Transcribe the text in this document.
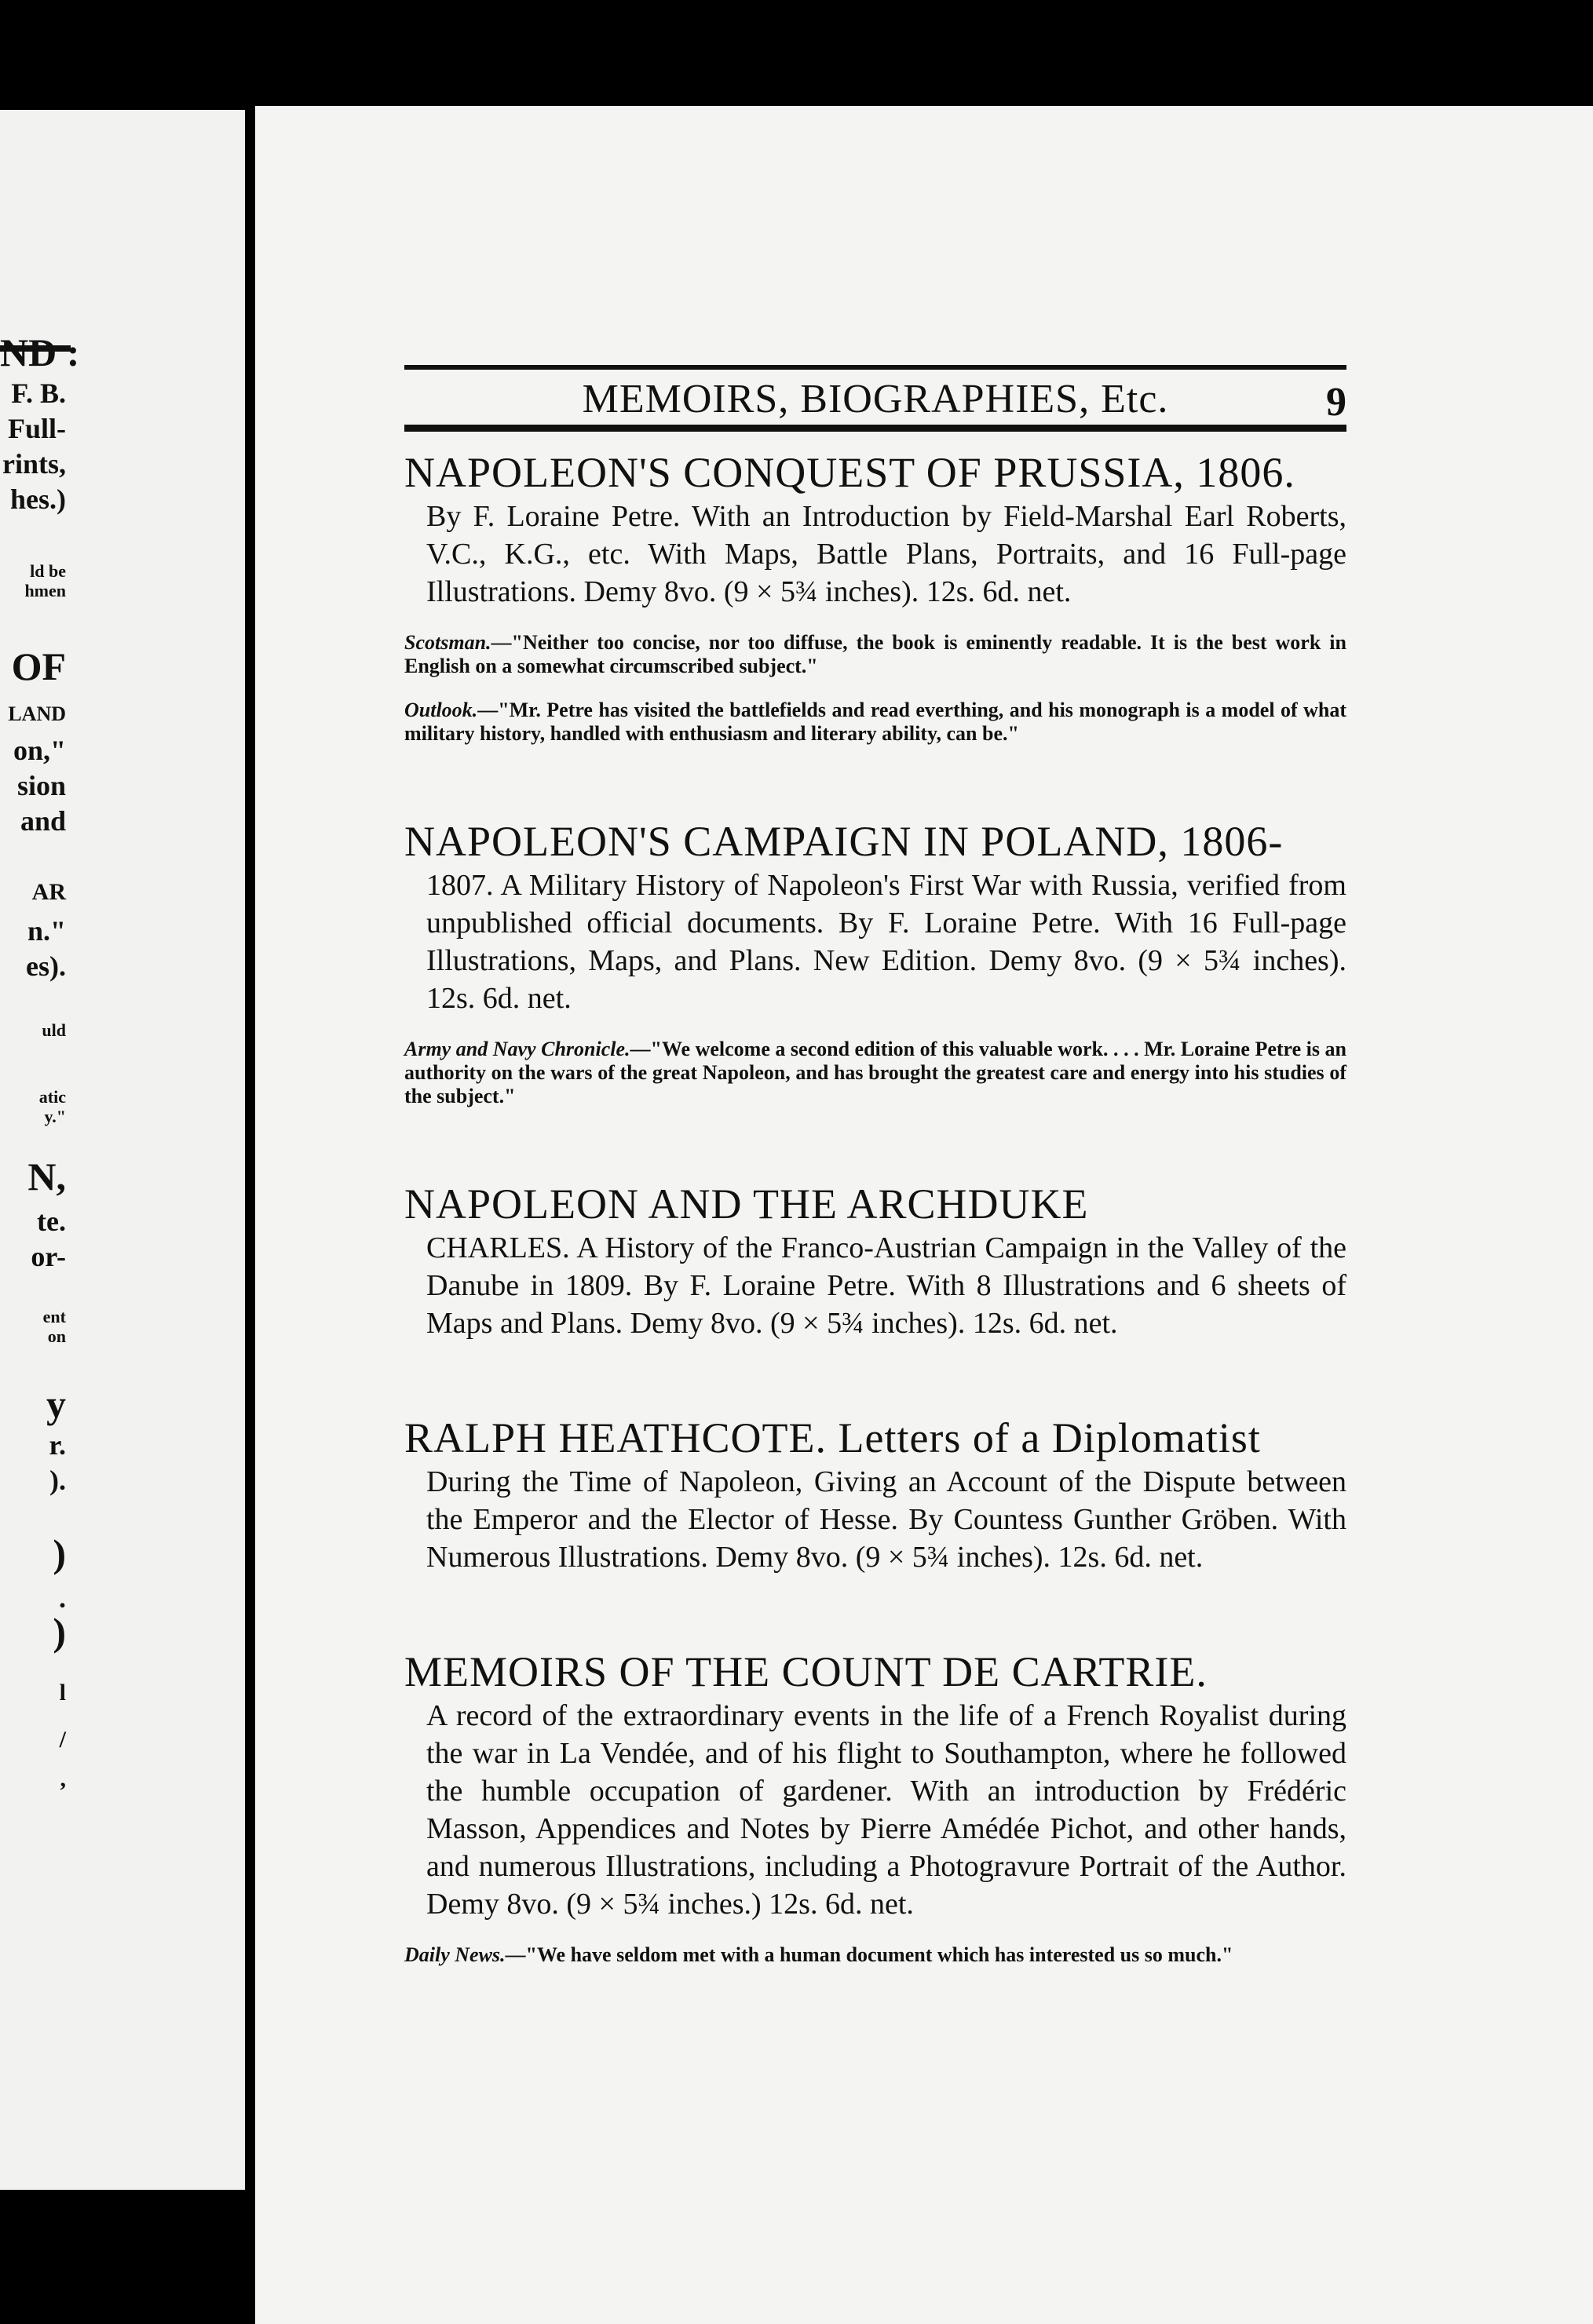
ND :
F. B.
Full-
rints,
hes.)
ld be
hmen
OF
LAND
on,"
sion
and
AR
n."
es).
uld
atic
y."
N,
te.
or-
ent
on
y
r.
).
)
.
)
l
/
,
MEMOIRS, BIOGRAPHIES, Etc.	9

NAPOLEON'S CONQUEST OF PRUSSIA, 1806.

By F. Loraine Petre. With an Introduction by Field-Marshal Earl Roberts, V.C., K.G., etc. With Maps, Battle Plans, Portraits, and 16 Full-page Illustrations. Demy 8vo. (9 × 5¾ inches). 12s. 6d. net.

Scotsman.—"Neither too concise, nor too diffuse, the book is eminently readable. It is the best work in English on a somewhat circumscribed subject."

Outlook.—"Mr. Petre has visited the battlefields and read everthing, and his monograph is a model of what military history, handled with enthusiasm and literary ability, can be."

NAPOLEON'S CAMPAIGN IN POLAND, 1806-

1807. A Military History of Napoleon's First War with Russia, verified from unpublished official documents. By F. Loraine Petre. With 16 Full-page Illustrations, Maps, and Plans. New Edition. Demy 8vo. (9 × 5¾ inches). 12s. 6d. net.

Army and Navy Chronicle.—"We welcome a second edition of this valuable work. . . . Mr. Loraine Petre is an authority on the wars of the great Napoleon, and has brought the greatest care and energy into his studies of the subject."

NAPOLEON AND THE ARCHDUKE

CHARLES. A History of the Franco-Austrian Campaign in the Valley of the Danube in 1809. By F. Loraine Petre. With 8 Illustrations and 6 sheets of Maps and Plans. Demy 8vo. (9 × 5¾ inches). 12s. 6d. net.

RALPH HEATHCOTE. Letters of a Diplomatist

During the Time of Napoleon, Giving an Account of the Dispute between the Emperor and the Elector of Hesse. By Countess Gunther Gröben. With Numerous Illustrations. Demy 8vo. (9 × 5¾ inches). 12s. 6d. net.

MEMOIRS OF THE COUNT DE CARTRIE.

A record of the extraordinary events in the life of a French Royalist during the war in La Vendée, and of his flight to Southampton, where he followed the humble occupation of gardener. With an introduction by Frédéric Masson, Appendices and Notes by Pierre Amédée Pichot, and other hands, and numerous Illustrations, including a Photogravure Portrait of the Author. Demy 8vo. (9 × 5¾ inches.) 12s. 6d. net.

Daily News.—"We have seldom met with a human document which has interested us so much."
